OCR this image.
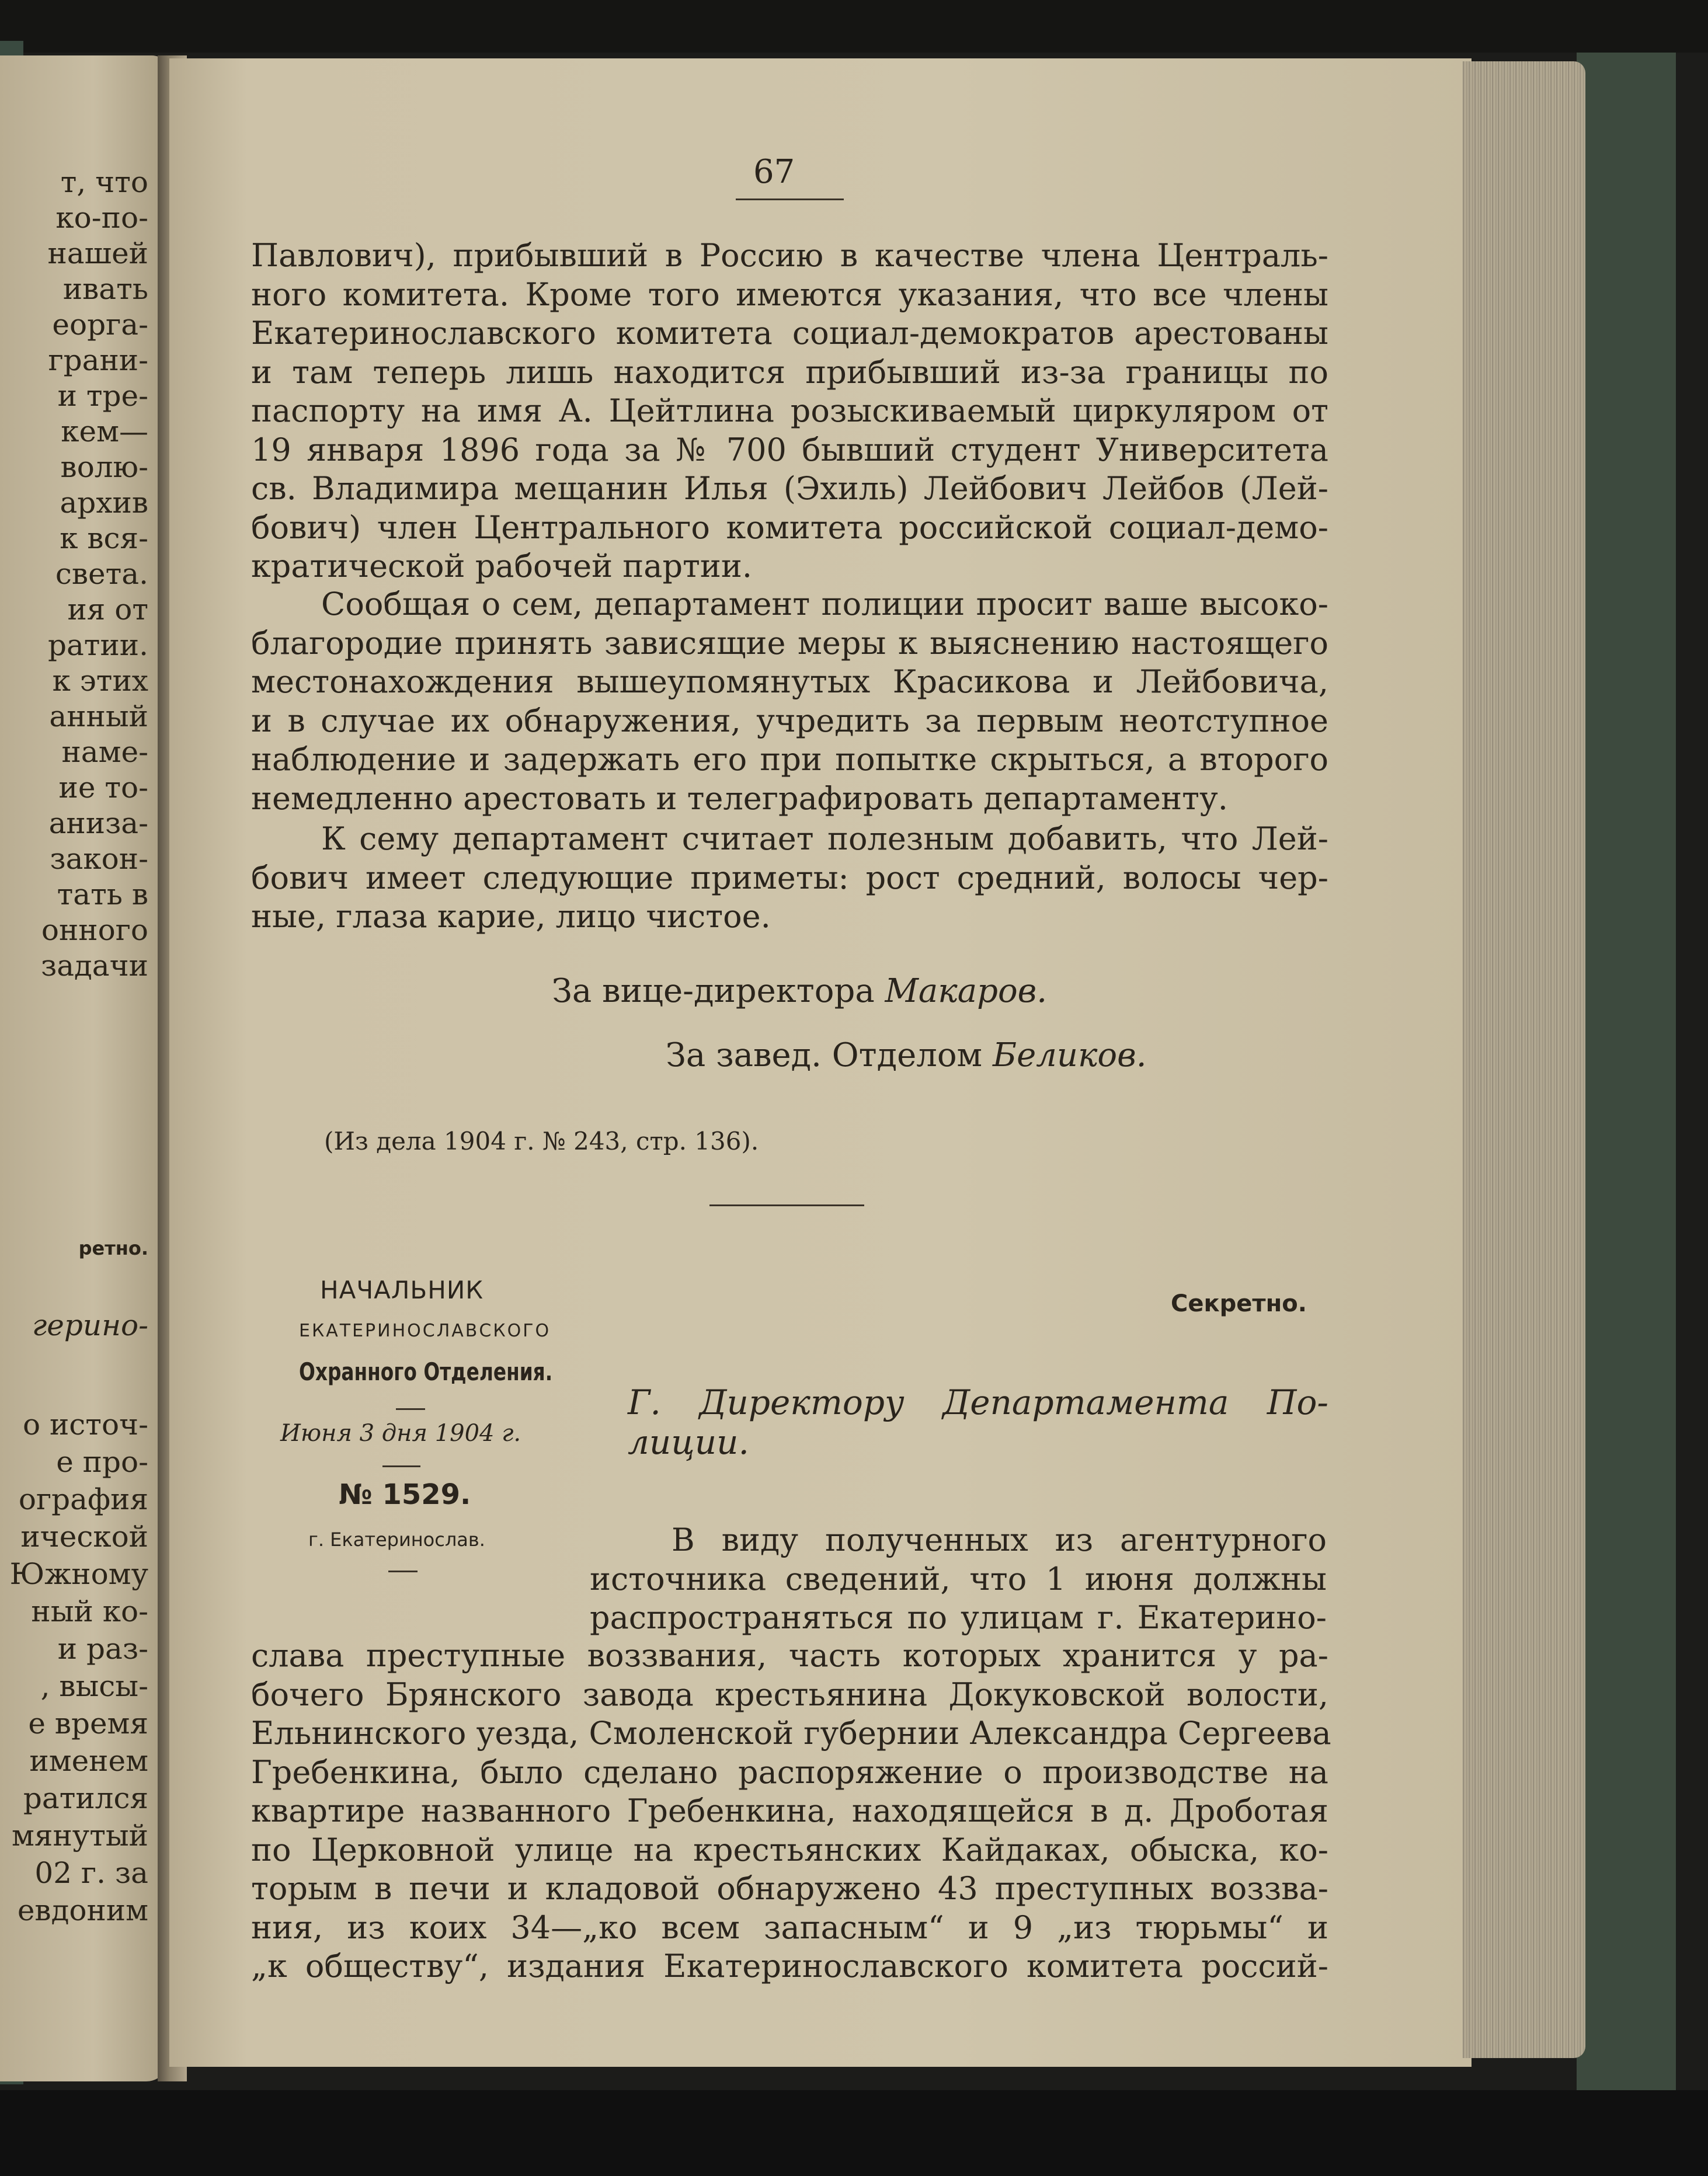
т, что
ко-по-
нашей
ивать
еорга-
грани-
и тре-
кем—
волю-
архив
к вся-
света.
ия от
ратии.
к этих
анный
наме-
ие то-
аниза-
закон-
тать в
онного
задачи
ретно.
герино-
о источ-
е про-
ография
ической
Южному
ный ко-
и раз-
, высы-
е время
именем
ратился
мянутый
02 г. за
евдоним
67
Павлович), прибывший в Россию в качестве члена Централь-
ного комитета. Кроме того имеются указания, что все члены
Екатеринославского комитета социал-демократов арестованы
и там теперь лишь находится прибывший из-за границы по
паспорту на имя А. Цейтлина розыскиваемый циркуляром от
19 января 1896 года за № 700 бывший студент Университета
св. Владимира мещанин Илья (Эхиль) Лейбович Лейбов (Лей-
бович) член Центрального комитета российской социал-демо-
кратической рабочей партии.
Сообщая о сем, департамент полиции просит ваше высоко-
благородие принять зависящие меры к выяснению настоящего
местонахождения вышеупомянутых Красикова и Лейбовича,
и в случае их обнаружения, учредить за первым неотступное
наблюдение и задержать его при попытке скрыться, а второго
немедленно арестовать и телеграфировать департаменту.
К сему департамент считает полезным добавить, что Лей-
бович имеет следующие приметы: рост средний, волосы чер-
ные, глаза карие, лицо чистое.
За вице-директора Макаров.
За завед. Отделом Беликов.
(Из дела 1904 г. № 243, стр. 136).
НАЧАЛЬНИК
ЕКАТЕРИНОСЛАВСКОГО
Охранного Отделения.
Июня 3 дня 1904 г.
№ 1529.
г. Екатеринослав.
Секретно.
Г. Директору Департамента По-
лиции.
В виду полученных из агентурного
источника сведений, что 1 июня должны
распространяться по улицам г. Екатерино-
слава преступные воззвания, часть которых хранится у ра-
бочего Брянского завода крестьянина Докуковской волости,
Ельнинского уезда, Смоленской губернии Александра Сергеева
Гребенкина, было сделано распоряжение о производстве на
квартире названного Гребенкина, находящейся в д. Дроботая
по Церковной улице на крестьянских Кайдаках, обыска, ко-
торым в печи и кладовой обнаружено 43 преступных воззва-
ния, из коих 34—„ко всем запасным“ и 9 „из тюрьмы“ и
„к обществу“, издания Екатеринославского комитета россий-
